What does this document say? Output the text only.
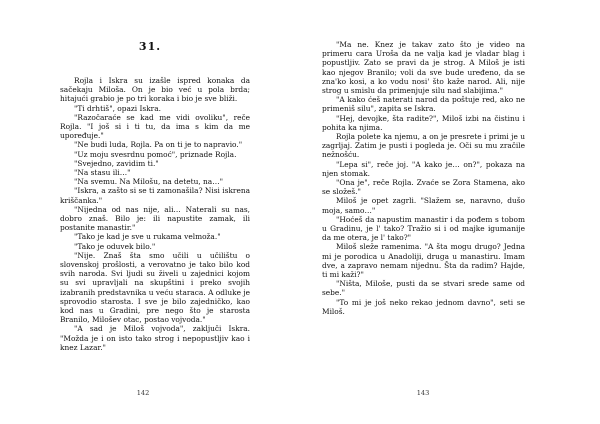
31.

Rojla i Iskra su izašle ispred konaka da sačekaju Miloša. On je bio već u pola brda; hitajući grabio je po tri koraka i bio je sve bliži.

"Ti drhtiš", opazi Iskra.

"Razočaraće se kad me vidi ovoliku", reče Rojla. "I još si i ti tu, da ima s kim da me upoređuje."

"Ne budi luda, Rojla. Pa on ti je to napravio."

"Uz moju svesrdnu pomoć", priznade Rojla.

"Svejedno, zavidim ti."

"Na stasu ili…"

"Na svemu. Na Milošu, na detetu, na…"

"Iskra, a zašto si se ti zamonašila? Nisi iskrena kriščanka."

"Nijedna od nas nije, ali… Naterali su nas, dobro znaš. Bilo je: ili napustite zamak, ili postanite manastir."

"Tako je kad je sve u rukama velmoža."

"Tako je oduvek bilo."

"Nije. Znaš šta smo učili u učilištu o slovenskoj prošlosti, a verovatno je tako bilo kod svih naroda. Svi ljudi su živeli u zajednici kojom su svi upravljali na skupštini i preko svojih izabranih predstavnika u veću staraca. A odluke je sprovodio starosta. I sve je bilo zajedničko, kao kod nas u Gradini, pre nego što je starosta Branilo, Milošev otac, postao vojvoda."

"A sad je Miloš vojvoda", zaključi Iskra. "Možda je i on isto tako strog i nepopustljiv kao i knez Lazar."

142

"Ma ne. Knez je takav zato što je video na primeru cara Uroša da ne valja kad je vladar blag i popustljiv. Zato se pravi da je strog. A Miloš je isti kao njegov Branilo; voli da sve bude uređeno, da se zna'ko kosi, a ko vodu nosi' što kaže narod. Ali, nije strog u smislu da primenjuje silu nad slabijima."

"A kako ćeš naterati narod da poštuje red, ako ne primeniš silu", zapita se Iskra.

"Hej, devojke, šta radite?", Miloš izbi na čistinu i pohita ka njima.

Rojla polete ka njemu, a on je presrete i primi je u zagrljaj. Zatim je pusti i pogleda je. Oči su mu zračile nežnošću.

"Lepa si", reče joj. "A kako je… on?", pokaza na njen stomak.

"Ona je", reče Rojla. Zvaće se Zora Stamena, ako se složeš."

Miloš je opet zagrli. "Slažem se, naravno, dušo moja, samo…"

"Hoćeš da napustim manastir i da pođem s tobom u Gradinu, je l' tako? Tražio si i od majke igumanije da me otera, je l' tako?"

Miloš sleže ramenima. "A šta mogu drugo? Jedna mi je porodica u Anadoliji, druga u manastiru. Imam dve, a zapravo nemam nijednu. Šta da radim? Hajde, ti mi kaži?"

"Ništa, Miloše, pusti da se stvari srede same od sebe."

"To mi je još neko rekao jednom davno", seti se Miloš.

143
